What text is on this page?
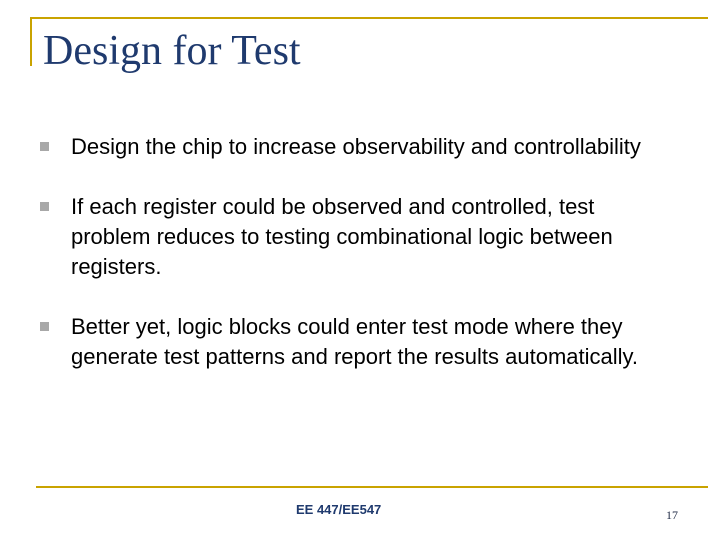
Design for Test
Design the chip to increase observability and controllability
If each register could be observed and controlled, test problem reduces to testing combinational logic between registers.
Better yet, logic blocks could enter test mode where they generate test patterns and report the results automatically.
EE 447/EE547	17
